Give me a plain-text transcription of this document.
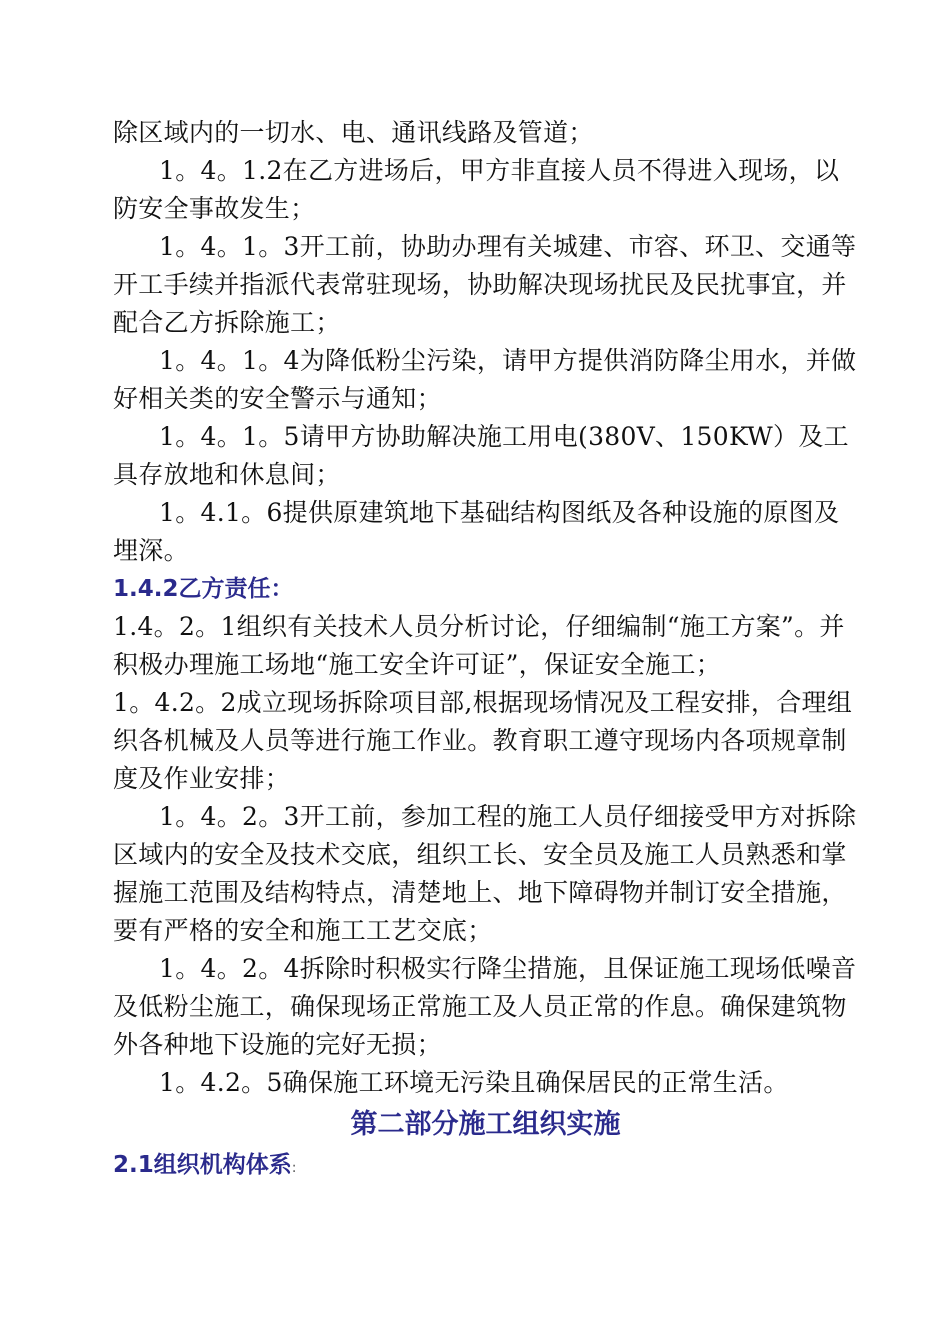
除区域内的一切水、电、通讯线路及管道；

1。4。1.2在乙方进场后，甲方非直接人员不得进入现场，以防安全事故发生；

1。4。1。3开工前，协助办理有关城建、市容、环卫、交通等开工手续并指派代表常驻现场，协助解决现场扰民及民扰事宜，并配合乙方拆除施工；

1。4。1。4为降低粉尘污染，请甲方提供消防降尘用水，并做好相关类的安全警示与通知；

1。4。1。5请甲方协助解决施工用电(380V、150KW）及工具存放地和休息间；

1。4.1。6提供原建筑地下基础结构图纸及各种设施的原图及埋深。

1.4.2乙方责任：

1.4。2。1组织有关技术人员分析讨论，仔细编制“施工方案”。并积极办理施工场地“施工安全许可证”，保证安全施工；

1。4.2。2成立现场拆除项目部,根据现场情况及工程安排，合理组织各机械及人员等进行施工作业。教育职工遵守现场内各项规章制度及作业安排；

1。4。2。3开工前，参加工程的施工人员仔细接受甲方对拆除区域内的安全及技术交底，组织工长、安全员及施工人员熟悉和掌握施工范围及结构特点，清楚地上、地下障碍物并制订安全措施，要有严格的安全和施工工艺交底；

1。4。2。4拆除时积极实行降尘措施，且保证施工现场低噪音及低粉尘施工，确保现场正常施工及人员正常的作息。确保建筑物外各种地下设施的完好无损；

1。4.2。5确保施工环境无污染且确保居民的正常生活。

第二部分施工组织实施

2.1组织机构体系:
